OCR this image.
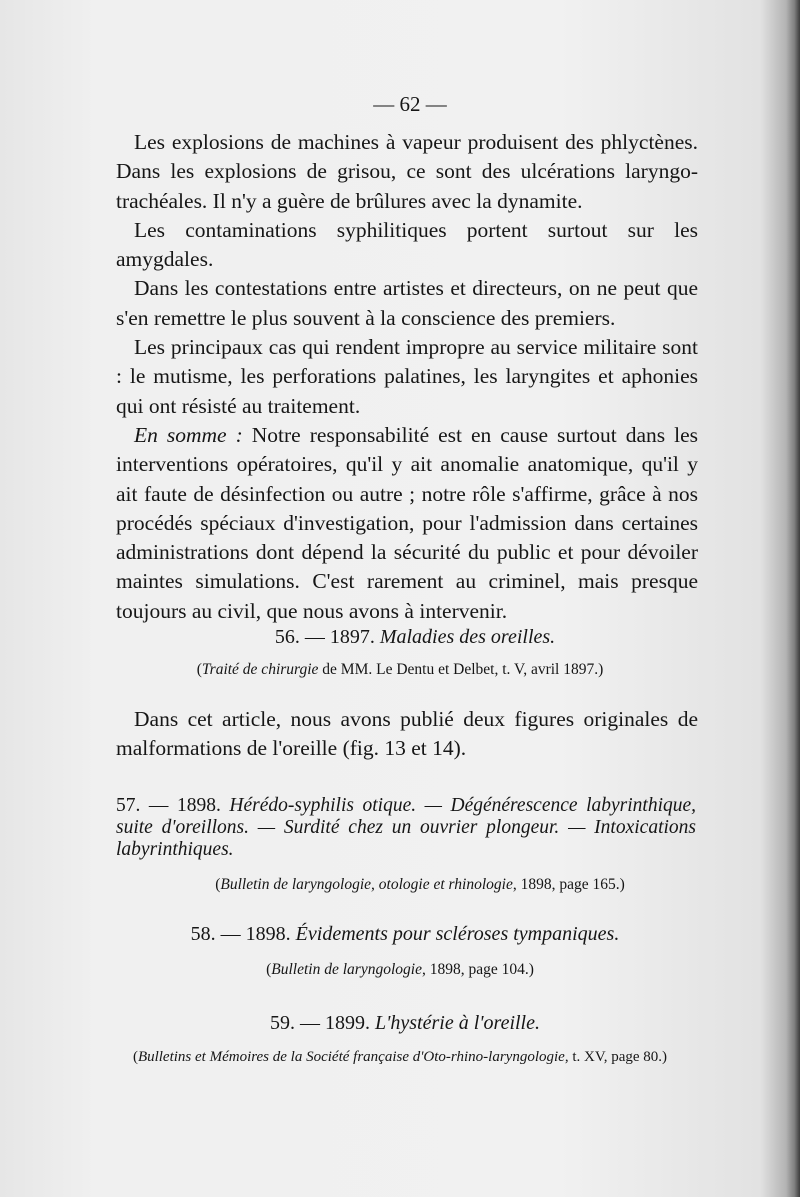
— 62 —

Les explosions de machines à vapeur produisent des phlyctènes. Dans les explosions de grisou, ce sont des ulcérations laryngo-trachéales. Il n'y a guère de brûlures avec la dynamite.

Les contaminations syphilitiques portent surtout sur les amygdales.

Dans les contestations entre artistes et directeurs, on ne peut que s'en remettre le plus souvent à la conscience des premiers.

Les principaux cas qui rendent impropre au service militaire sont : le mutisme, les perforations palatines, les laryngites et aphonies qui ont résisté au traitement.

En somme : Notre responsabilité est en cause surtout dans les interventions opératoires, qu'il y ait anomalie anatomique, qu'il y ait faute de désinfection ou autre ; notre rôle s'affirme, grâce à nos procédés spéciaux d'investigation, pour l'admission dans certaines administrations dont dépend la sécurité du public et pour dévoiler maintes simulations. C'est rarement au criminel, mais presque toujours au civil, que nous avons à intervenir.

56. — 1897. Maladies des oreilles.
(Traité de chirurgie de MM. Le Dentu et Delbet, t. V, avril 1897.)

Dans cet article, nous avons publié deux figures originales de malformations de l'oreille (fig. 13 et 14).

57. — 1898. Hérédo-syphilis otique. — Dégénérescence labyrinthique, suite d'oreillons. — Surdité chez un ouvrier plongeur. — Intoxications labyrinthiques.
(Bulletin de laryngologie, otologie et rhinologie, 1898, page 165.)
58. — 1898. Évidements pour scléroses tympaniques.
(Bulletin de laryngologie, 1898, page 104.)
59. — 1899. L'hystérie à l'oreille.
(Bulletins et Mémoires de la Société française d'Oto-rhino-laryngologie, t. XV, page 80.)
